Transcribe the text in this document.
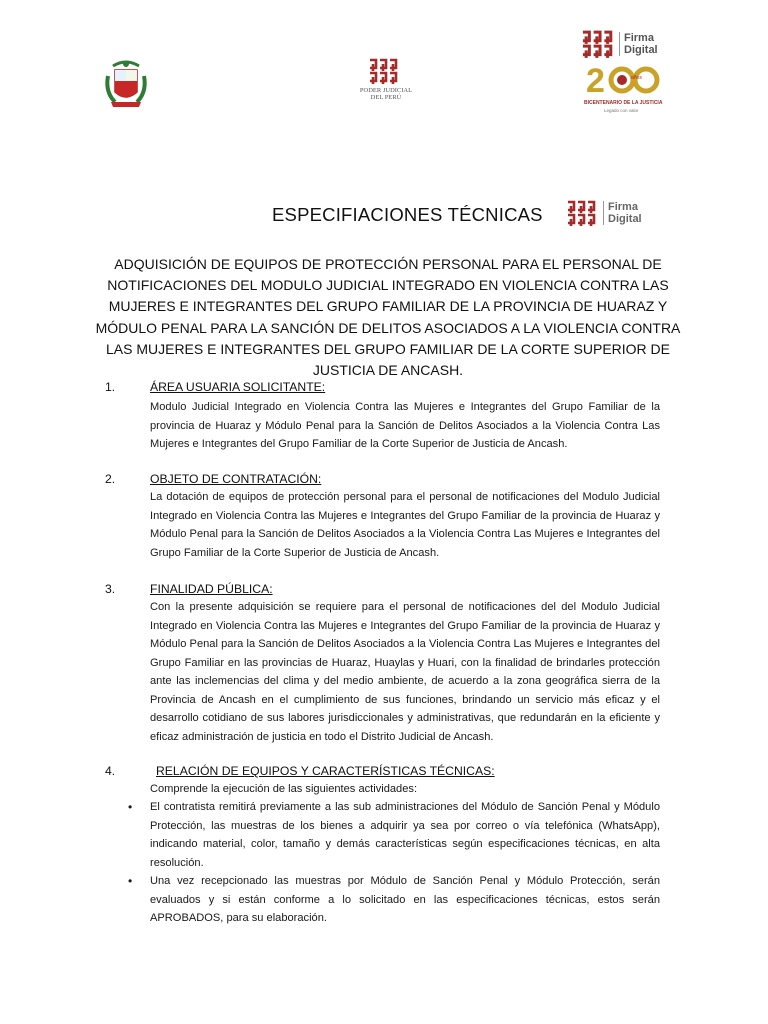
PODER JUDICIAL
DEL PERÚ
Firma
Digital
2	años
BICENTENARIO DE LA JUSTICIA
Legado con valor
ESPECIFIACIONES TÉCNICAS	Firma
Digital
ADQUISICIÓN DE EQUIPOS DE PROTECCIÓN PERSONAL PARA EL PERSONAL DE NOTIFICACIONES DEL MODULO JUDICIAL INTEGRADO EN VIOLENCIA CONTRA LAS MUJERES E INTEGRANTES DEL GRUPO FAMILIAR DE LA PROVINCIA DE HUARAZ Y MÓDULO PENAL PARA LA SANCIÓN DE DELITOS ASOCIADOS A LA VIOLENCIA CONTRA LAS MUJERES E INTEGRANTES DEL GRUPO FAMILIAR DE LA CORTE SUPERIOR DE JUSTICIA DE ANCASH.
1.	ÁREA USUARIA SOLICITANTE:
Modulo Judicial Integrado en Violencia Contra las Mujeres e Integrantes del Grupo Familiar de la provincia de Huaraz y Módulo Penal para la Sanción de Delitos Asociados a la Violencia Contra Las Mujeres e Integrantes del Grupo Familiar de la Corte Superior de Justicia de Ancash.
2.	OBJETO DE CONTRATACIÓN:
La dotación de equipos de protección personal para el personal de notificaciones del Modulo Judicial Integrado en Violencia Contra las Mujeres e Integrantes del Grupo Familiar de la provincia de Huaraz y Módulo Penal para la Sanción de Delitos Asociados a la Violencia Contra Las Mujeres e Integrantes del Grupo Familiar de la Corte Superior de Justicia de Ancash.
3.	FINALIDAD PÚBLICA:
Con la presente adquisición se requiere para el personal de notificaciones del del Modulo Judicial Integrado en Violencia Contra las Mujeres e Integrantes del Grupo Familiar de la provincia de Huaraz y Módulo Penal para la Sanción de Delitos Asociados a la Violencia Contra Las Mujeres e Integrantes del Grupo Familiar en las provincias de Huaraz, Huaylas y Huari, con la finalidad de brindarles protección ante las inclemencias del clima y del medio ambiente, de acuerdo a la zona geográfica sierra de la Provincia de Ancash en el cumplimiento de sus funciones, brindando un servicio más eficaz y el desarrollo cotidiano de sus labores jurisdiccionales y administrativas, que redundarán en la eficiente y eficaz administración de justicia en todo el Distrito Judicial de Ancash.
4.	RELACIÓN DE EQUIPOS Y CARACTERÍSTICAS TÉCNICAS:
Comprende la ejecución de las siguientes actividades:
• El contratista remitirá previamente a las sub administraciones del Módulo de Sanción Penal y Módulo Protección, las muestras de los bienes a adquirir ya sea por correo o vía telefónica (WhatsApp), indicando material, color, tamaño y demás características según especificaciones técnicas, en alta resolución.
• Una vez recepcionado las muestras por Módulo de Sanción Penal y Módulo Protección, serán evaluados y si están conforme a lo solicitado en las especificaciones técnicas, estos serán APROBADOS, para su elaboración.
